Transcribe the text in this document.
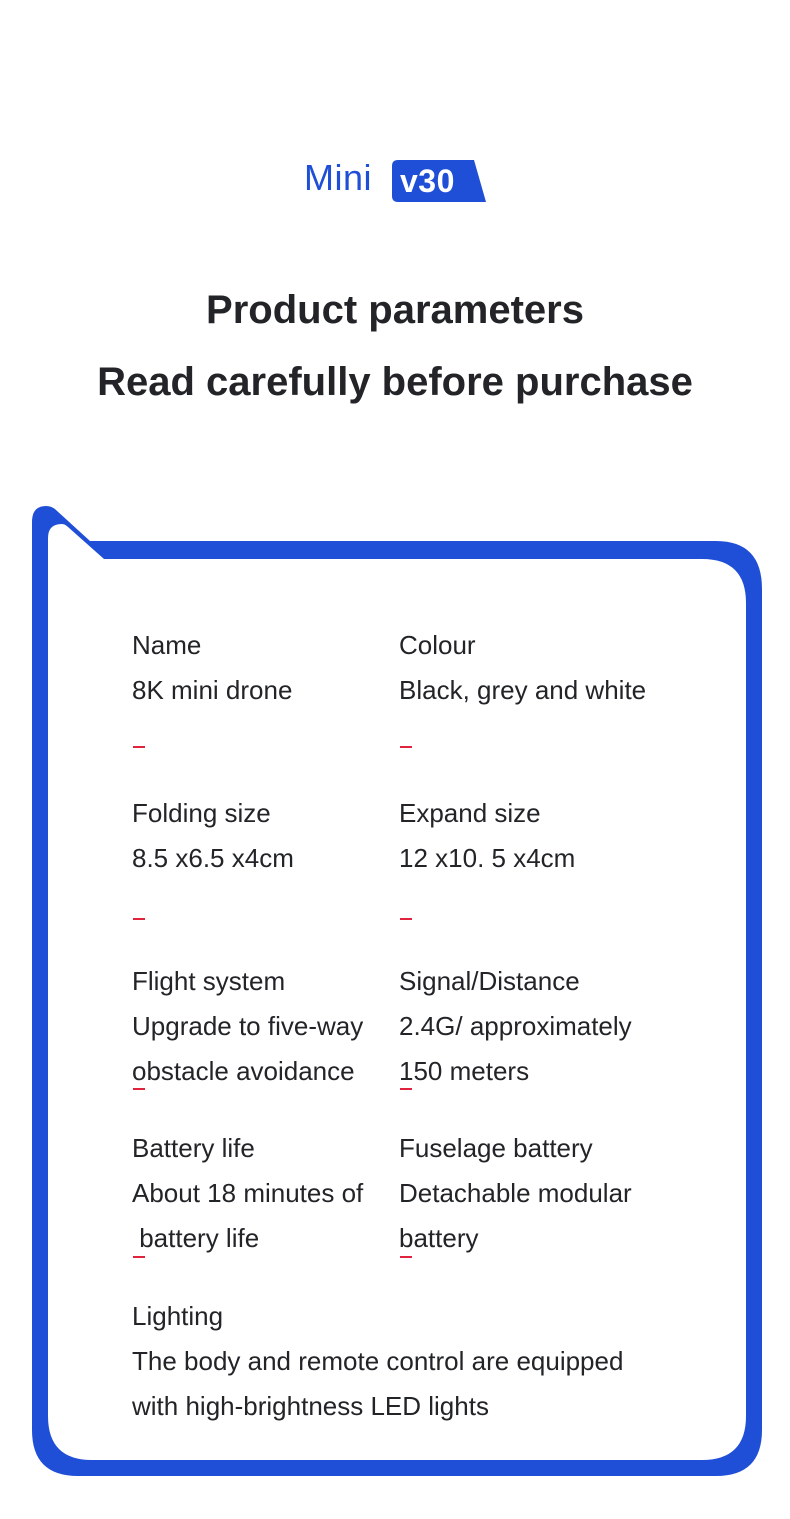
Mini v30
Product parameters
Read carefully before purchase
Name
8K mini drone
Colour
Black, grey and white
Folding size
8.5 x6.5 x4cm
Expand size
12 x10. 5 x4cm
Flight system
Upgrade to five-way
obstacle avoidance
Signal/Distance
2.4G/ approximately
150 meters
Battery life
About 18 minutes of
battery life
Fuselage battery
Detachable modular
battery
Lighting
The body and remote control are equipped
with high-brightness LED lights
